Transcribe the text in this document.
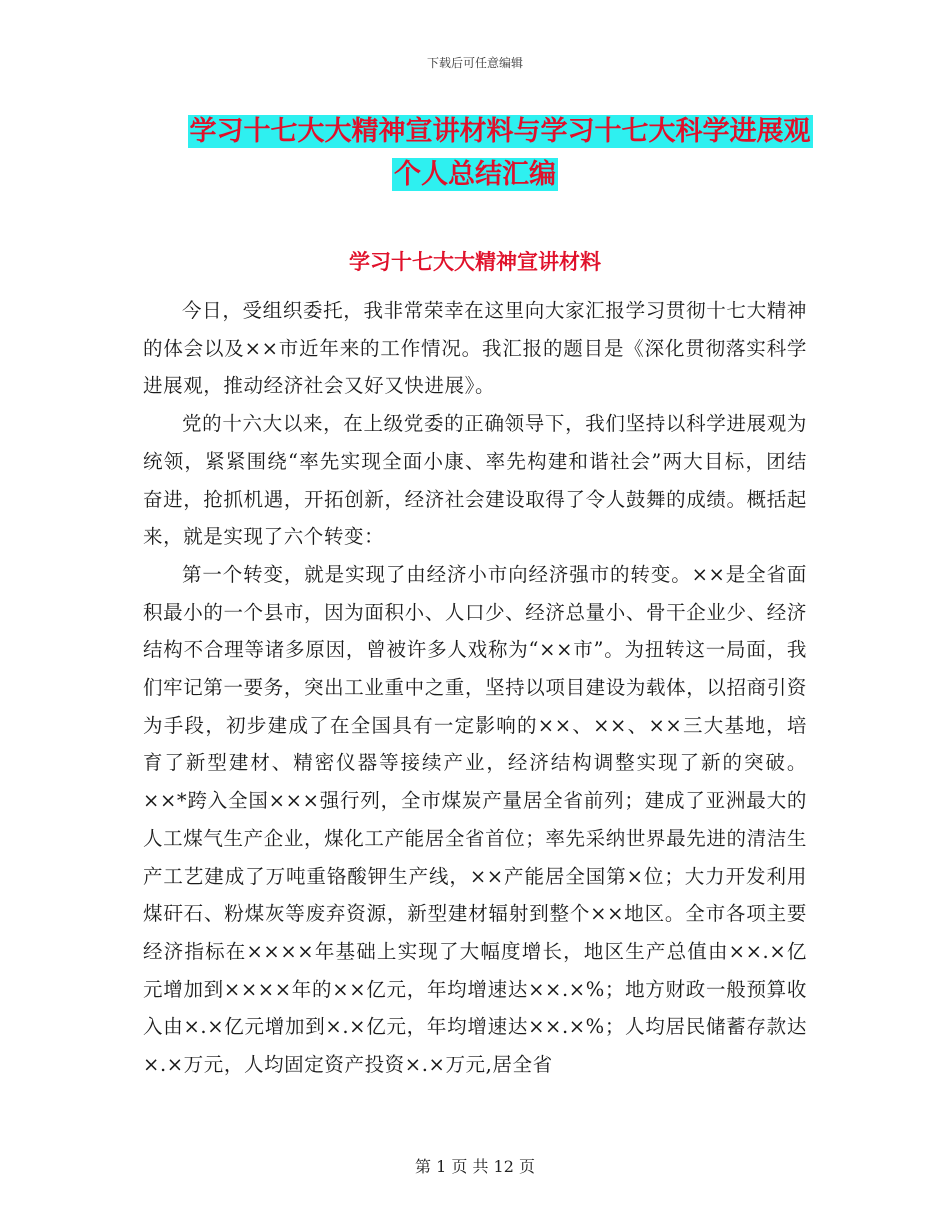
下载后可任意编辑
学习十七大大精神宣讲材料与学习十七大科学进展观
个人总结汇编
学习十七大大精神宣讲材料

今日，受组织委托，我非常荣幸在这里向大家汇报学习贯彻十七大精神的体会以及××市近年来的工作情况。我汇报的题目是《深化贯彻落实科学进展观，推动经济社会又好又快进展》。

党的十六大以来，在上级党委的正确领导下，我们坚持以科学进展观为统领，紧紧围绕“率先实现全面小康、率先构建和谐社会”两大目标，团结奋进，抢抓机遇，开拓创新，经济社会建设取得了令人鼓舞的成绩。概括起来，就是实现了六个转变：

第一个转变，就是实现了由经济小市向经济强市的转变。××是全省面积最小的一个县市，因为面积小、人口少、经济总量小、骨干企业少、经济结构不合理等诸多原因，曾被许多人戏称为“××市”。为扭转这一局面，我们牢记第一要务，突出工业重中之重，坚持以项目建设为载体，以招商引资为手段，初步建成了在全国具有一定影响的××、××、××三大基地，培育了新型建材、精密仪器等接续产业，经济结构调整实现了新的突破。××*跨入全国×××强行列，全市煤炭产量居全省前列；建成了亚洲最大的人工煤气生产企业，煤化工产能居全省首位；率先采纳世界最先进的清洁生产工艺建成了万吨重铬酸钾生产线，××产能居全国第×位；大力开发利用煤矸石、粉煤灰等废弃资源，新型建材辐射到整个××地区。全市各项主要经济指标在××××年基础上实现了大幅度增长，地区生产总值由××.×亿元增加到××××年的××亿元，年均增速达××.×%；地方财政一般预算收入由×.×亿元增加到×.×亿元，年均增速达××.×%；人均居民储蓄存款达×.×万元，人均固定资产投资×.×万元,居全省

第 1 页 共 12 页
